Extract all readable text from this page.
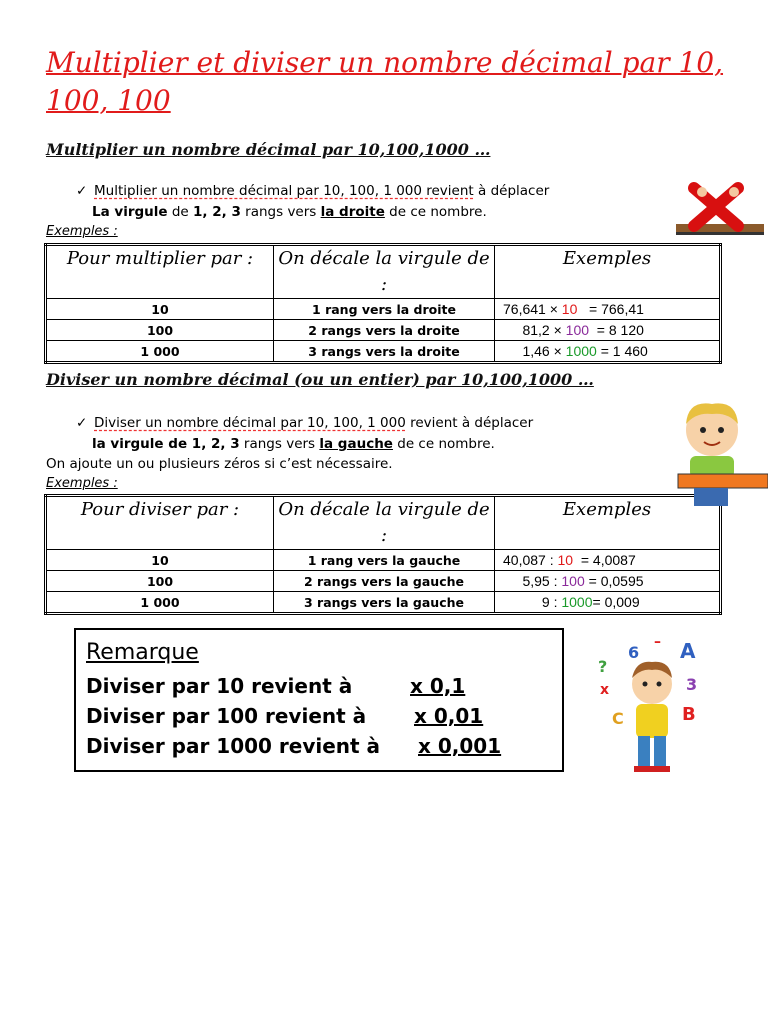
Multiplier et diviser un nombre décimal par 10, 100, 100
Multiplier un nombre décimal par 10,100,1000 …
✓ Multiplier un nombre décimal par 10, 100, 1 000 revient à déplacer
La virgule de 1, 2, 3 rangs vers la droite de ce nombre.
Exemples :
Pour multiplier par :	On décale la virgule de :	Exemples
10	1 rang vers la droite	76,641 × 10   = 766,41
100	2 rangs vers la droite	81,2 × 100  = 8 120
1 000	3 rangs vers la droite	1,46 × 1000 = 1 460
Diviser un nombre décimal (ou un entier) par 10,100,1000 …
✓ Diviser un nombre décimal par 10, 100, 1 000 revient à déplacer
la virgule de 1, 2, 3 rangs vers la gauche de ce nombre.
On ajoute un ou plusieurs zéros si c’est nécessaire.
Exemples :
Pour diviser par :	On décale la virgule de :	Exemples
10	1 rang vers la gauche	40,087 : 10  = 4,0087
100	2 rangs vers la gauche	5,95 : 100 = 0,0595
1 000	3 rangs vers la gauche	9 : 1000= 0,009
Remarque
Diviser par 10 revient à	x 0,1
Diviser par 100 revient à x 0,01
Diviser par 1000 revient à x 0,001
6
– A
?
x	3
C	B
